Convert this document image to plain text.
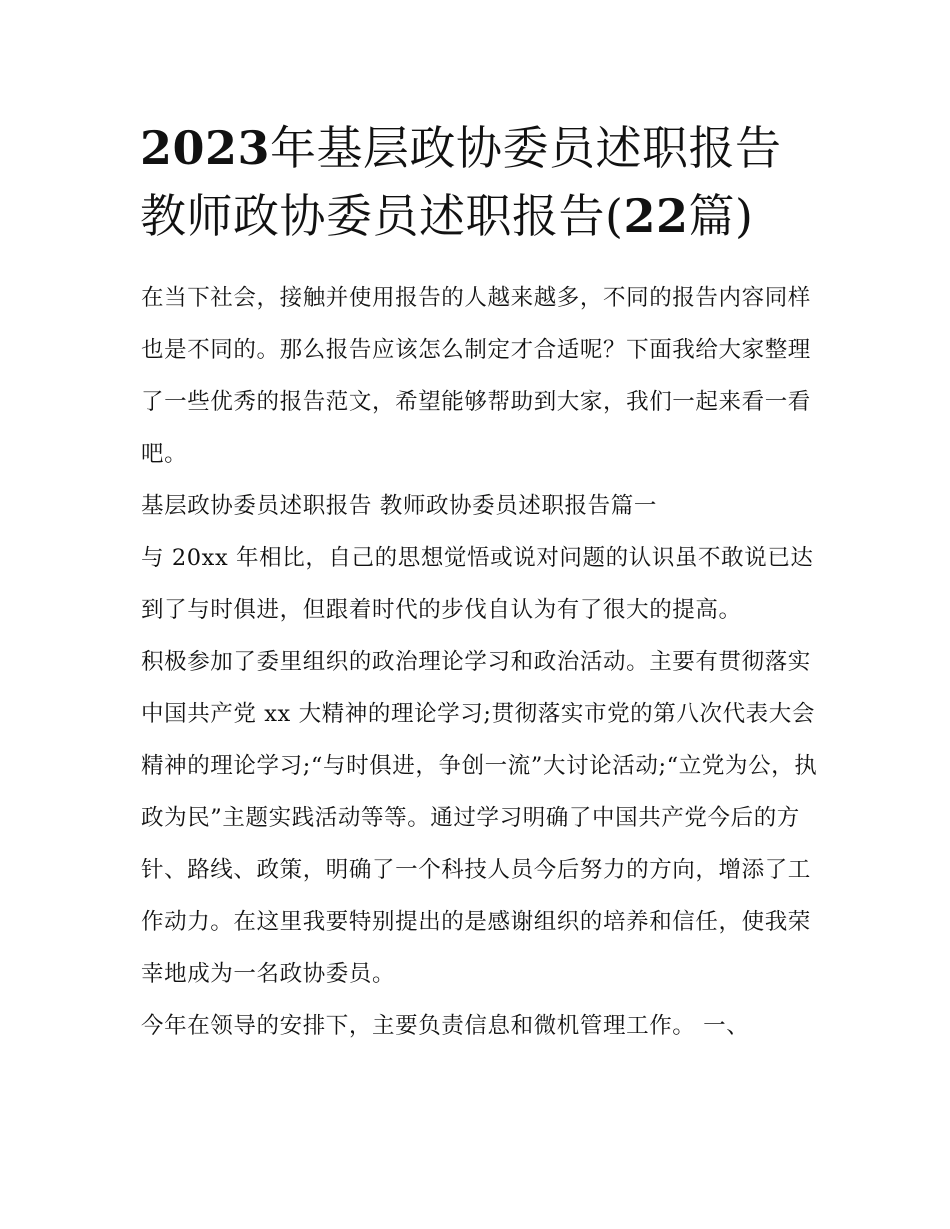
2023年基层政协委员述职报告
教师政协委员述职报告(22篇)

在当下社会，接触并使用报告的人越来越多，不同的报告内容同样也是不同的。那么报告应该怎么制定才合适呢？下面我给大家整理了一些优秀的报告范文，希望能够帮助到大家，我们一起来看一看吧。

基层政协委员述职报告 教师政协委员述职报告篇一

与 20xx 年相比，自己的思想觉悟或说对问题的认识虽不敢说已达到了与时俱进，但跟着时代的步伐自认为有了很大的提高。

积极参加了委里组织的政治理论学习和政治活动。主要有贯彻落实中国共产党 xx 大精神的理论学习;贯彻落实市党的第八次代表大会精神的理论学习;“与时俱进，争创一流”大讨论活动;“立党为公，执政为民”主题实践活动等等。通过学习明确了中国共产党今后的方针、路线、政策，明确了一个科技人员今后努力的方向，增添了工作动力。在这里我要特别提出的是感谢组织的培养和信任，使我荣幸地成为一名政协委员。

今年在领导的安排下，主要负责信息和微机管理工作。 一、
